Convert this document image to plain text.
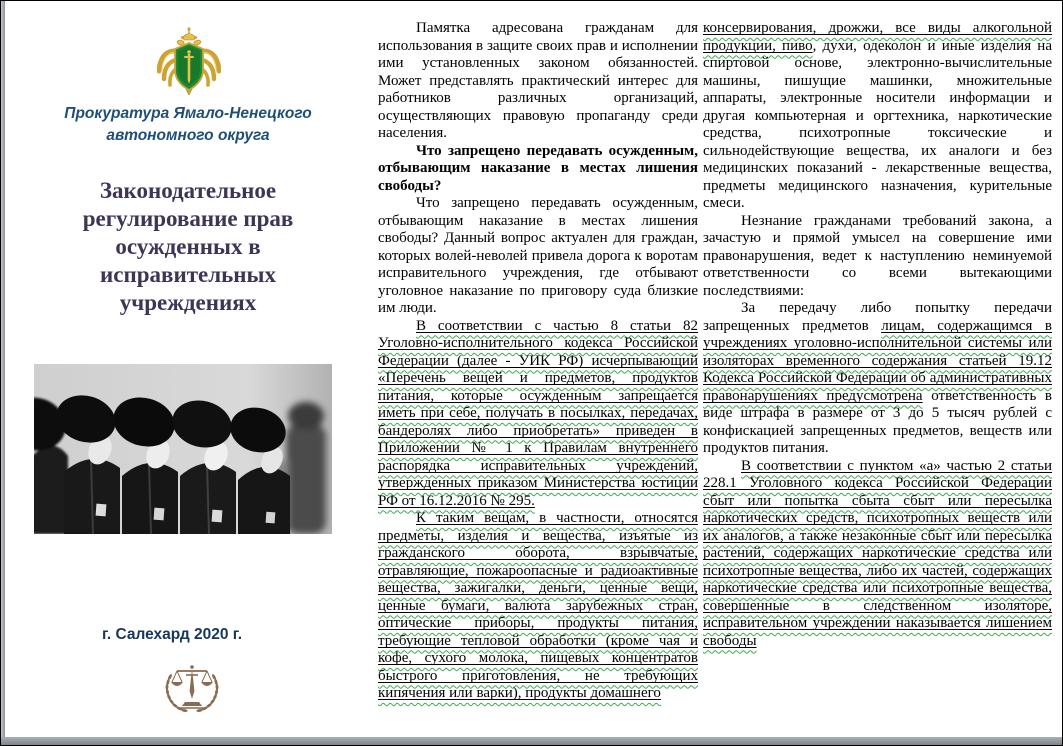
Прокуратура Ямало-Ненецкого автономного округа
Законодательное регулирование прав осужденных в исправительных учреждениях
г. Салехард 2020 г.

Памятка адресована гражданам для использования в защите своих прав и исполнении ими установленных законом обязанностей. Может представлять практический интерес для работников различных организаций, осуществляющих правовую пропаганду среди населения.

Что запрещено передавать осужденным, отбывающим наказание в местах лишения свободы?

Что запрещено передавать осужденным, отбывающим наказание в местах лишения свободы? Данный вопрос актуален для граждан, которых волей-неволей привела дорога к воротам исправительного учреждения, где отбывают уголовное наказание по приговору суда близкие им люди.

В соответствии с частью 8 статьи 82 Уголовно-исполнительного кодекса Российской Федерации (далее - УИК РФ) исчерпывающий «Перечень вещей и предметов, продуктов питания, которые осужденным запрещается иметь при себе, получать в посылках, передачах, бандеролях либо приобретать» приведен в Приложении № 1 к Правилам внутреннего распорядка исправительных учреждений, утвержденных приказом Министерства юстиции РФ от 16.12.2016 № 295.

К таким вещам, в частности, относятся предметы, изделия и вещества, изъятые из гражданского оборота, взрывчатые, отравляющие, пожароопасные и радиоактивные вещества, зажигалки, деньги, ценные вещи, ценные бумаги, валюта зарубежных стран, оптические приборы, продукты питания, требующие тепловой обработки (кроме чая и кофе, сухого молока, пищевых концентратов быстрого приготовления, не требующих кипячения или варки), продукты домашнего

консервирования, дрожжи, все виды алкогольной продукции, пиво, духи, одеколон и иные изделия на спиртовой основе, электронно-вычислительные машины, пишущие машинки, множительные аппараты, электронные носители информации и другая компьютерная и оргтехника, наркотические средства, психотропные токсические и сильнодействующие вещества, их аналоги и без медицинских показаний - лекарственные вещества, предметы медицинского назначения, курительные смеси.

Незнание гражданами требований закона, а зачастую и прямой умысел на совершение ими правонарушения, ведет к наступлению неминуемой ответственности со всеми вытекающими последствиями:

За передачу либо попытку передачи запрещенных предметов лицам, содержащимся в учреждениях уголовно-исполнительной системы или изоляторах временного содержания статьей 19.12 Кодекса Российской Федерации об административных правонарушениях предусмотрена ответственность в виде штрафа в размере от 3 до 5 тысяч рублей с конфискацией запрещенных предметов, веществ или продуктов питания.

В соответствии с пунктом «а» частью 2 статьи 228.1 Уголовного кодекса Российской Федерации сбыт или попытка сбыта сбыт или пересылка наркотических средств, психотропных веществ или их аналогов, а также незаконные сбыт или пересылка растений, содержащих наркотические средства или психотропные вещества, либо их частей, содержащих наркотические средства или психотропные вещества, совершенные в следственном изоляторе, исправительном учреждении наказывается лишением свободы
